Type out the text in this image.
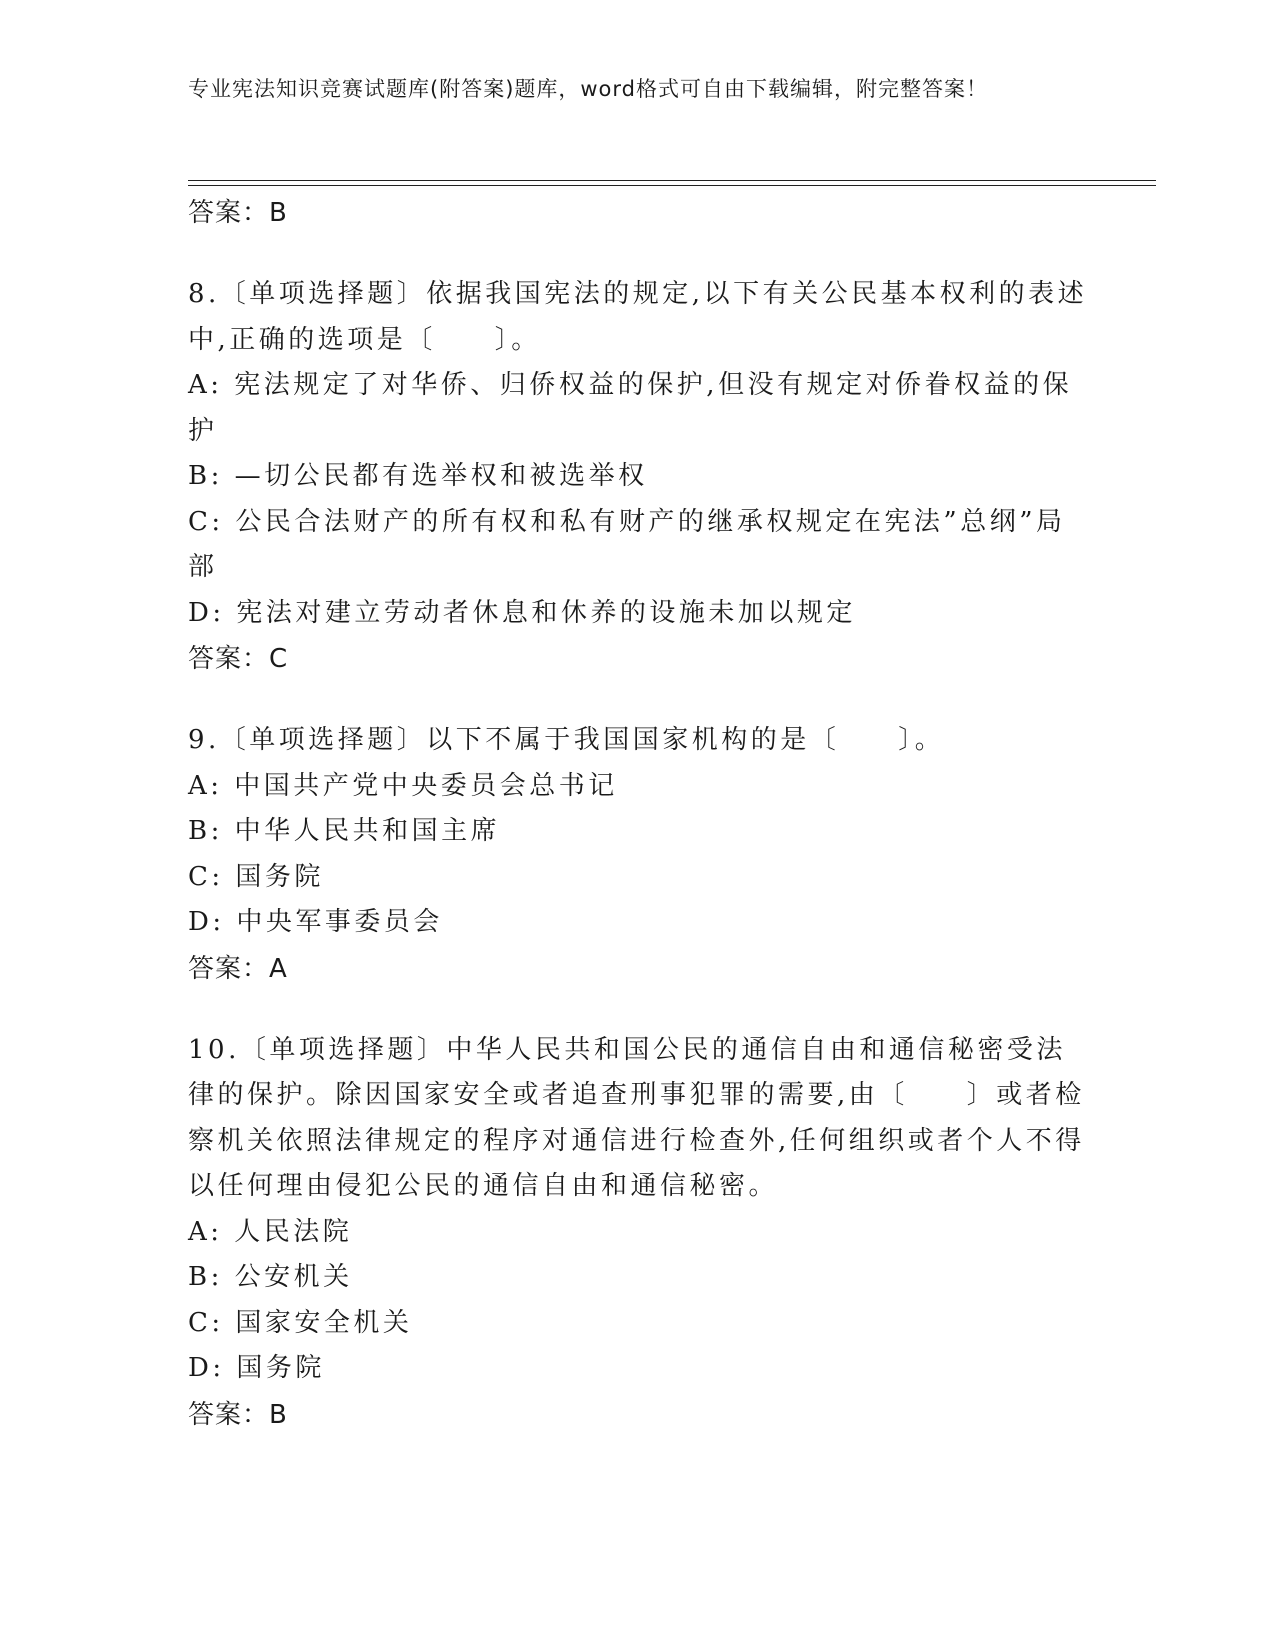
专业宪法知识竞赛试题库(附答案)题库，word格式可自由下载编辑，附完整答案！
答案：B
8.〔单项选择题〕依据我国宪法的规定,以下有关公民基本权利的表述中,正确的选项是〔　　〕。
A: 宪法规定了对华侨、归侨权益的保护,但没有规定对侨眷权益的保护
B: —切公民都有选举权和被选举权
C: 公民合法财产的所有权和私有财产的继承权规定在宪法”总纲”局部
D: 宪法对建立劳动者休息和休养的设施未加以规定
答案：C
9.〔单项选择题〕以下不属于我国国家机构的是〔　　〕。
A: 中国共产党中央委员会总书记
B: 中华人民共和国主席
C: 国务院
D: 中央军事委员会
答案：A
10.〔单项选择题〕中华人民共和国公民的通信自由和通信秘密受法律的保护。除因国家安全或者追查刑事犯罪的需要,由〔　　〕或者检察机关依照法律规定的程序对通信进行检查外,任何组织或者个人不得以任何理由侵犯公民的通信自由和通信秘密。
A: 人民法院
B: 公安机关
C: 国家安全机关
D: 国务院
答案：B
